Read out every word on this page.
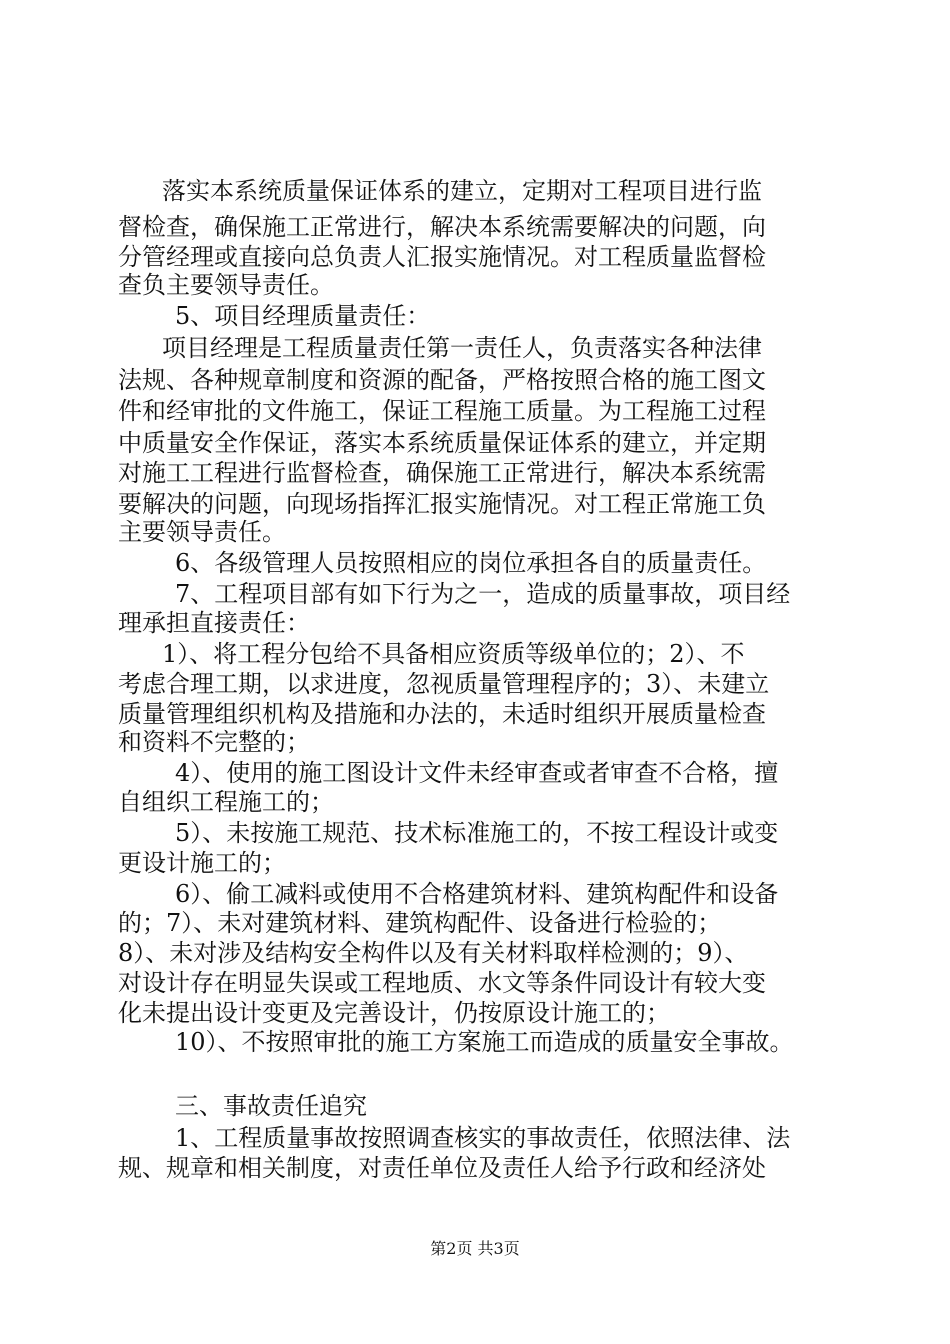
落实本系统质量保证体系的建立，定期对工程项目进行监
督检查，确保施工正常进行，解决本系统需要解决的问题，向
分管经理或直接向总负责人汇报实施情况。对工程质量监督检
查负主要领导责任。
5、项目经理质量责任：
项目经理是工程质量责任第一责任人，负责落实各种法律
法规、各种规章制度和资源的配备，严格按照合格的施工图文
件和经审批的文件施工，保证工程施工质量。为工程施工过程
中质量安全作保证，落实本系统质量保证体系的建立，并定期
对施工工程进行监督检查，确保施工正常进行，解决本系统需
要解决的问题，向现场指挥汇报实施情况。对工程正常施工负
主要领导责任。
6、各级管理人员按照相应的岗位承担各自的质量责任。
7、工程项目部有如下行为之一，造成的质量事故，项目经
理承担直接责任：
1）、将工程分包给不具备相应资质等级单位的；2）、不
考虑合理工期，以求进度，忽视质量管理程序的；3）、未建立
质量管理组织机构及措施和办法的，未适时组织开展质量检查
和资料不完整的；
4）、使用的施工图设计文件未经审查或者审查不合格，擅
自组织工程施工的；
5）、未按施工规范、技术标准施工的，不按工程设计或变
更设计施工的；
6）、偷工减料或使用不合格建筑材料、建筑构配件和设备
的；7）、未对建筑材料、建筑构配件、设备进行检验的；
8）、未对涉及结构安全构件以及有关材料取样检测的；9）、
对设计存在明显失误或工程地质、水文等条件同设计有较大变
化未提出设计变更及完善设计，仍按原设计施工的；
10）、不按照审批的施工方案施工而造成的质量安全事故。
三、事故责任追究
1、工程质量事故按照调查核实的事故责任，依照法律、法
规、规章和相关制度，对责任单位及责任人给予行政和经济处
第2页 共3页
